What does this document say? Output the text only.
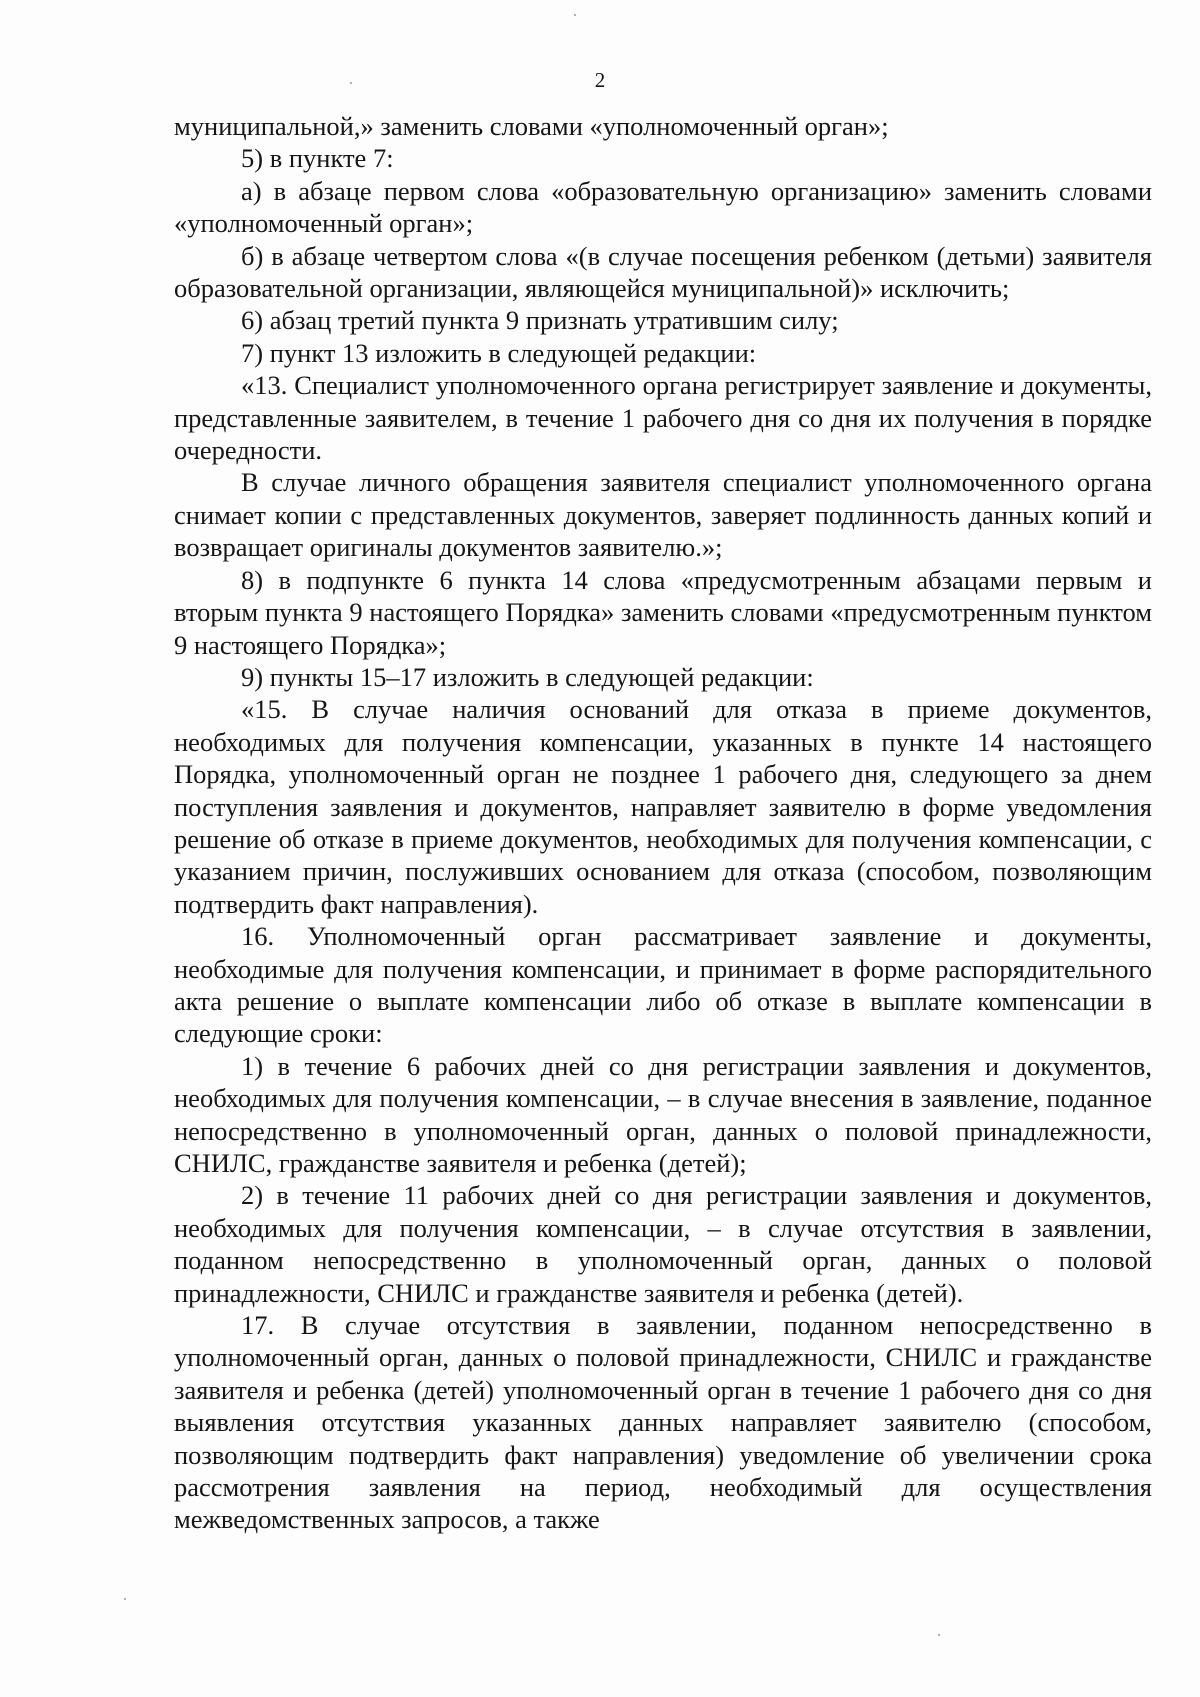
2

муниципальной,» заменить словами «уполномоченный орган»;

5) в пункте 7:

а) в абзаце первом слова «образовательную организацию» заменить словами «уполномоченный орган»;

б) в абзаце четвертом слова «(в случае посещения ребенком (детьми) заявителя образовательной организации, являющейся муниципальной)» исключить;

6) абзац третий пункта 9 признать утратившим силу;

7) пункт 13 изложить в следующей редакции:

«13. Специалист уполномоченного органа регистрирует заявление и документы, представленные заявителем, в течение 1 рабочего дня со дня их получения в порядке очередности.

В случае личного обращения заявителя специалист уполномоченного органа снимает копии с представленных документов, заверяет подлинность данных копий и возвращает оригиналы документов заявителю.»;

8) в подпункте 6 пункта 14 слова «предусмотренным абзацами первым и вторым пункта 9 настоящего Порядка» заменить словами «предусмотренным пунктом 9 настоящего Порядка»;

9) пункты 15–17 изложить в следующей редакции:

«15. В случае наличия оснований для отказа в приеме документов, необходимых для получения компенсации, указанных в пункте 14 настоящего Порядка, уполномоченный орган не позднее 1 рабочего дня, следующего за днем поступления заявления и документов, направляет заявителю в форме уведомления решение об отказе в приеме документов, необходимых для получения компенсации, с указанием причин, послуживших основанием для отказа (способом, позволяющим подтвердить факт направления).

16. Уполномоченный орган рассматривает заявление и документы, необходимые для получения компенсации, и принимает в форме распорядительного акта решение о выплате компенсации либо об отказе в выплате компенсации в следующие сроки:

1) в течение 6 рабочих дней со дня регистрации заявления и документов, необходимых для получения компенсации, – в случае внесения в заявление, поданное непосредственно в уполномоченный орган, данных о половой принадлежности, СНИЛС, гражданстве заявителя и ребенка (детей);

2) в течение 11 рабочих дней со дня регистрации заявления и документов, необходимых для получения компенсации, – в случае отсутствия в заявлении, поданном непосредственно в уполномоченный орган, данных о половой принадлежности, СНИЛС и гражданстве заявителя и ребенка (детей).

17. В случае отсутствия в заявлении, поданном непосредственно в уполномоченный орган, данных о половой принадлежности, СНИЛС и гражданстве заявителя и ребенка (детей) уполномоченный орган в течение 1 рабочего дня со дня выявления отсутствия указанных данных направляет заявителю (способом, позволяющим подтвердить факт направления) уведомление об увеличении срока рассмотрения заявления на период, необходимый для осуществления межведомственных запросов, а также
